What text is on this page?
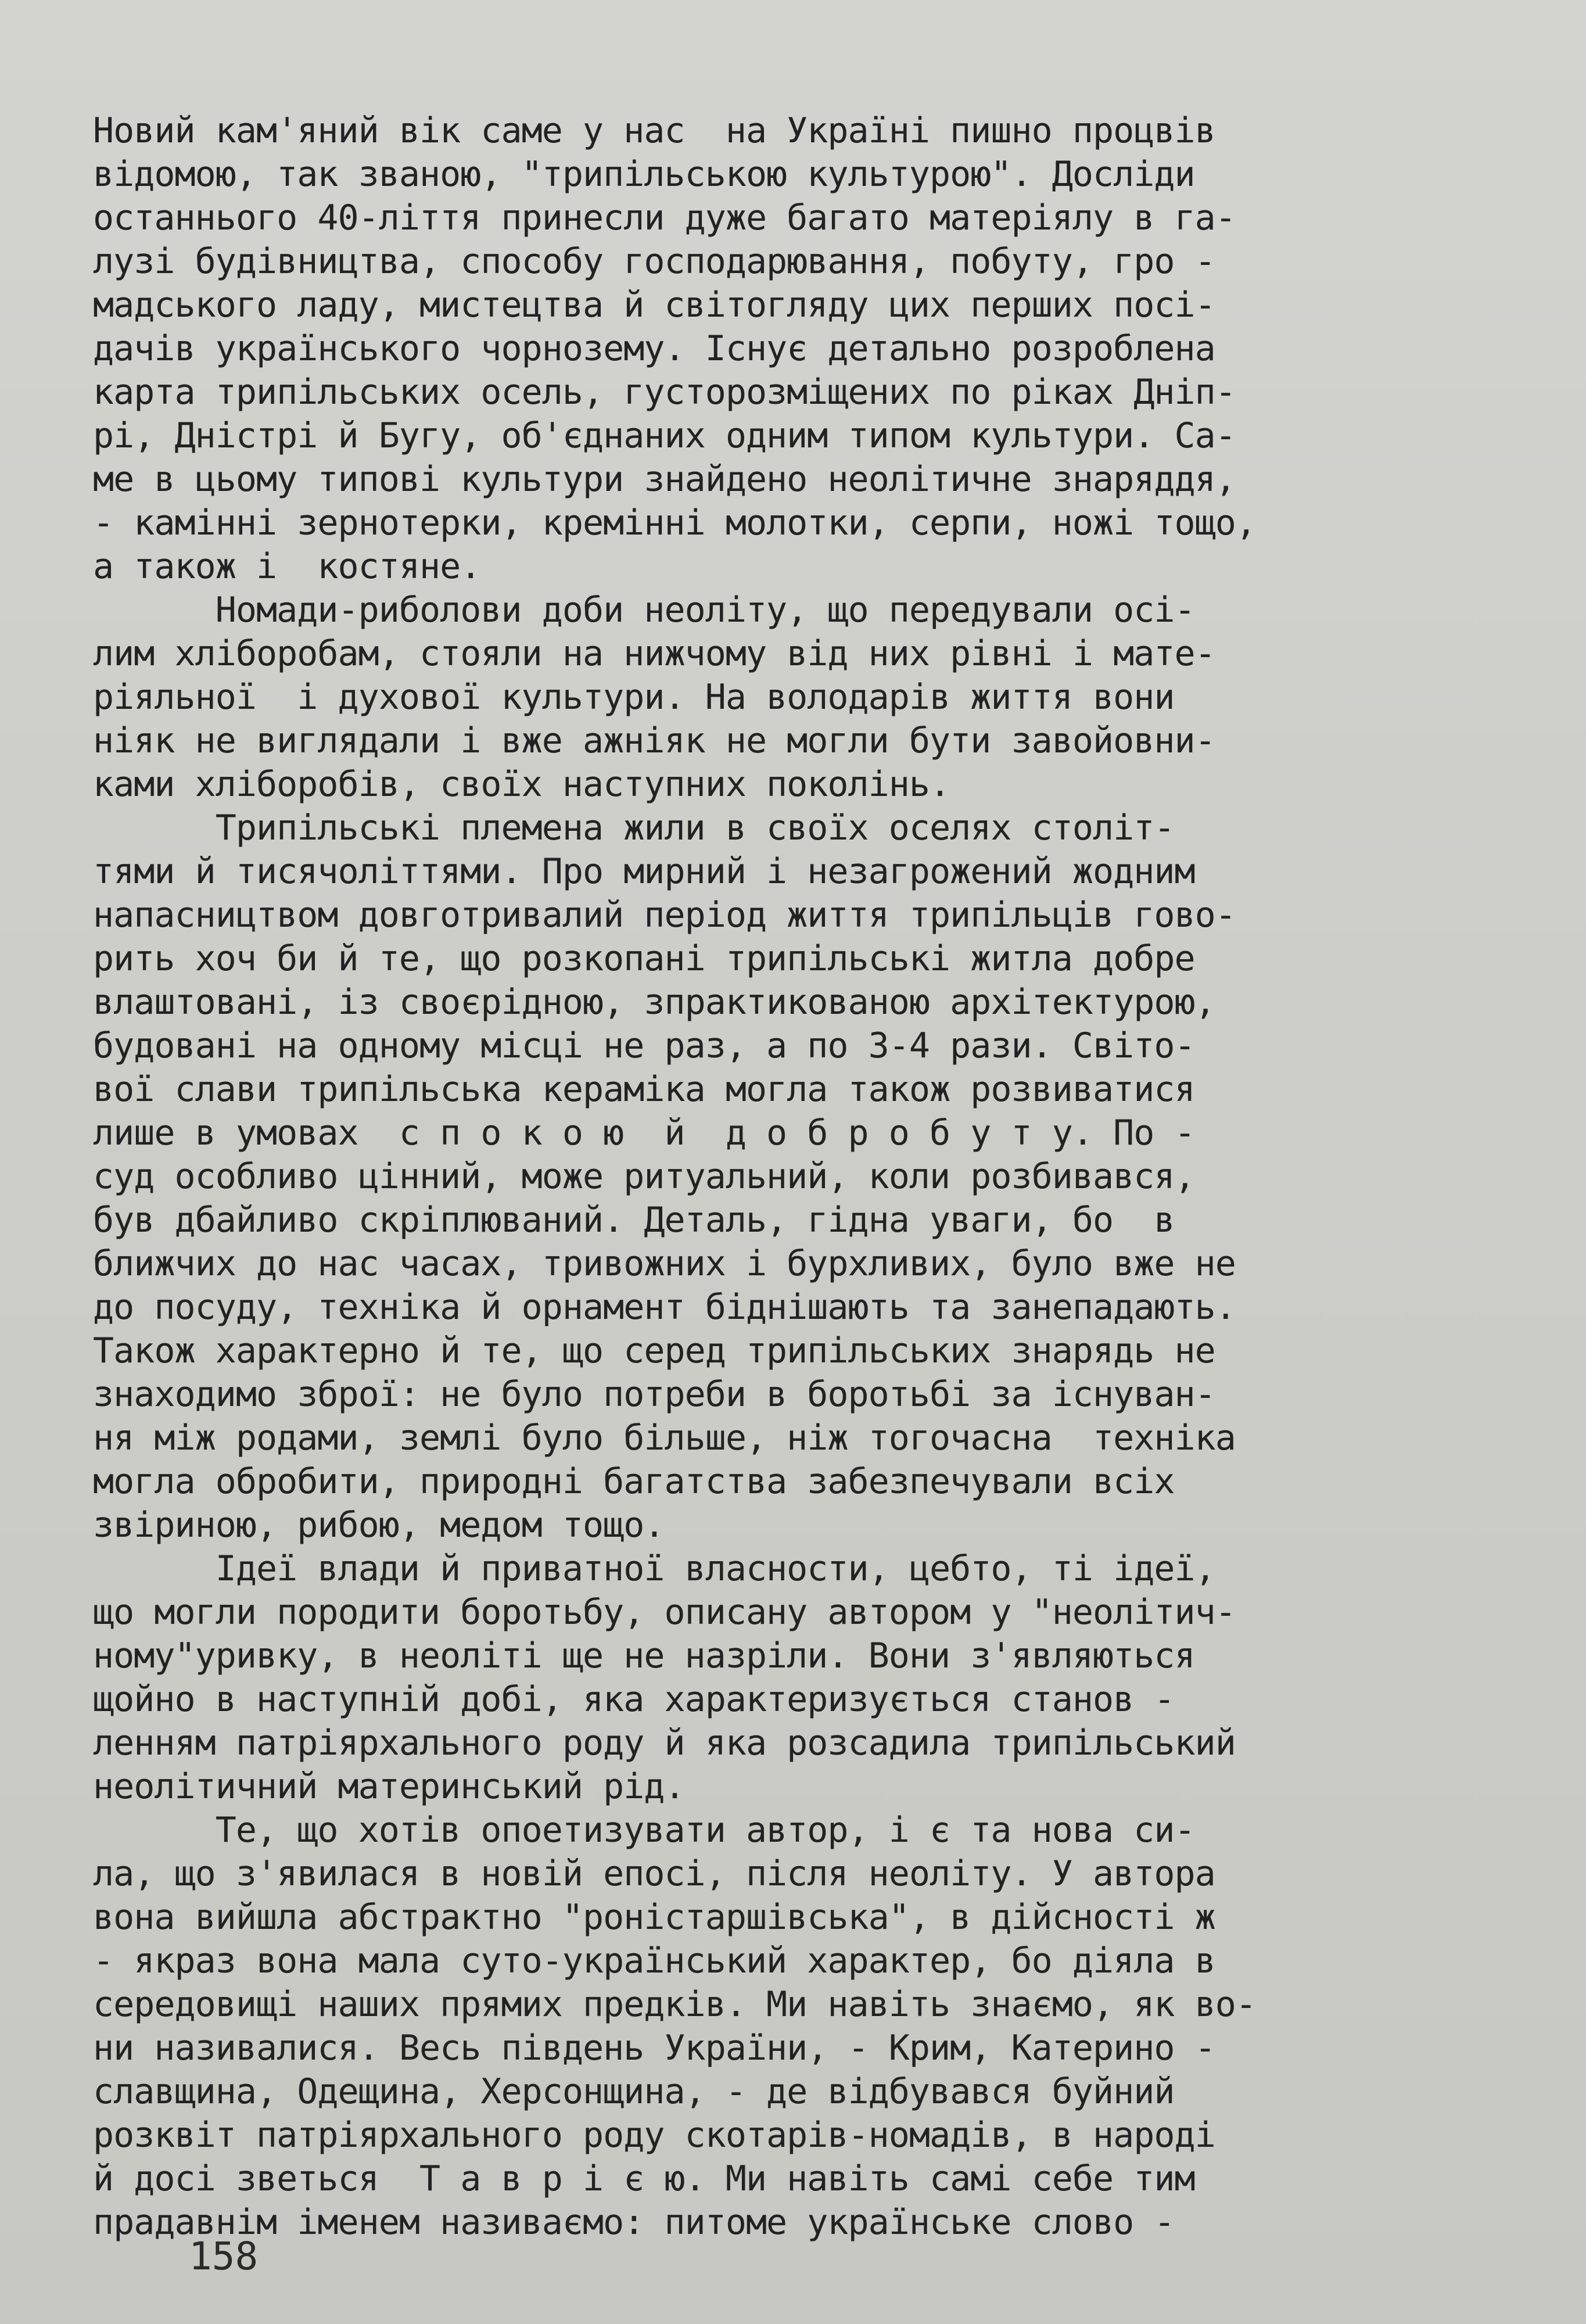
Новий кам'яний вік саме у нас  на Україні пишно процвів
відомою, так званою, "трипільською культурою". Досліди
останнього 40-ліття принесли дуже багато матеріялу в га-
лузі будівництва, способу господарювання, побуту, гро -
мадського ладу, мистецтва й світогляду цих перших посі-
дачів українського чорнозему. Існує детально розроблена
карта трипільських осель, густорозміщених по ріках Дніп-
рі, Дністрі й Бугу, об'єднаних одним типом культури. Са-
ме в цьому типові культури знайдено неолітичне знаряддя,
- камінні зернотерки, кремінні молотки, серпи, ножі тощо,
а також і  костяне.
Номади-риболови доби неоліту, що передували осі-
лим хліборобам, стояли на нижчому від них рівні і мате-
ріяльної  і духової культури. На володарів життя вони
ніяк не виглядали і вже ажніяк не могли бути завойовни-
ками хліборобів, своїх наступних поколінь.
Трипільські племена жили в своїх оселях століт-
тями й тисячоліттями. Про мирний і незагрожений жодним
напасництвом довготривалий період життя трипільців гово-
рить хоч би й те, що розкопані трипільські житла добре
влаштовані, із своєрідною, зпрактикованою архітектурою,
будовані на одному місці не раз, а по 3-4 рази. Світо-
вої слави трипільська кераміка могла також розвиватися
лише в умовах  с п о к о ю  й  д о б р о б у т у. По -
суд особливо цінний, може ритуальний, коли розбивався,
був дбайливо скріплюваний. Деталь, гідна уваги, бо  в
ближчих до нас часах, тривожних і бурхливих, було вже не
до посуду, техніка й орнамент біднішають та занепадають.
Також характерно й те, що серед трипільських знарядь не
знаходимо зброї: не було потреби в боротьбі за існуван-
ня між родами, землі було більше, ніж тогочасна  техніка
могла обробити, природні багатства забезпечували всіх
звіриною, рибою, медом тощо.
Ідеї влади й приватної власности, цебто, ті ідеї,
що могли породити боротьбу, описану автором у "неолітич-
ному"уривку, в неоліті ще не назріли. Вони з'являються
щойно в наступній добі, яка характеризується станов -
ленням патріярхального роду й яка розсадила трипільський
неолітичний материнський рід.
Те, що хотів опоетизувати автор, і є та нова си-
ла, що з'явилася в новій епосі, після неоліту. У автора
вона вийшла абстрактно "роністаршівська", в дійсності ж
- якраз вона мала суто-український характер, бо діяла в
середовищі наших прямих предків. Ми навіть знаємо, як во-
ни називалися. Весь південь України, - Крим, Катерино -
славщина, Одещина, Херсонщина, - де відбувався буйний
розквіт патріярхального роду скотарів-номадів, в народі
й досі зветься  Т а в р і є ю. Ми навіть самі себе тим
прадавнім іменем називаємо: питоме українське слово -
158
